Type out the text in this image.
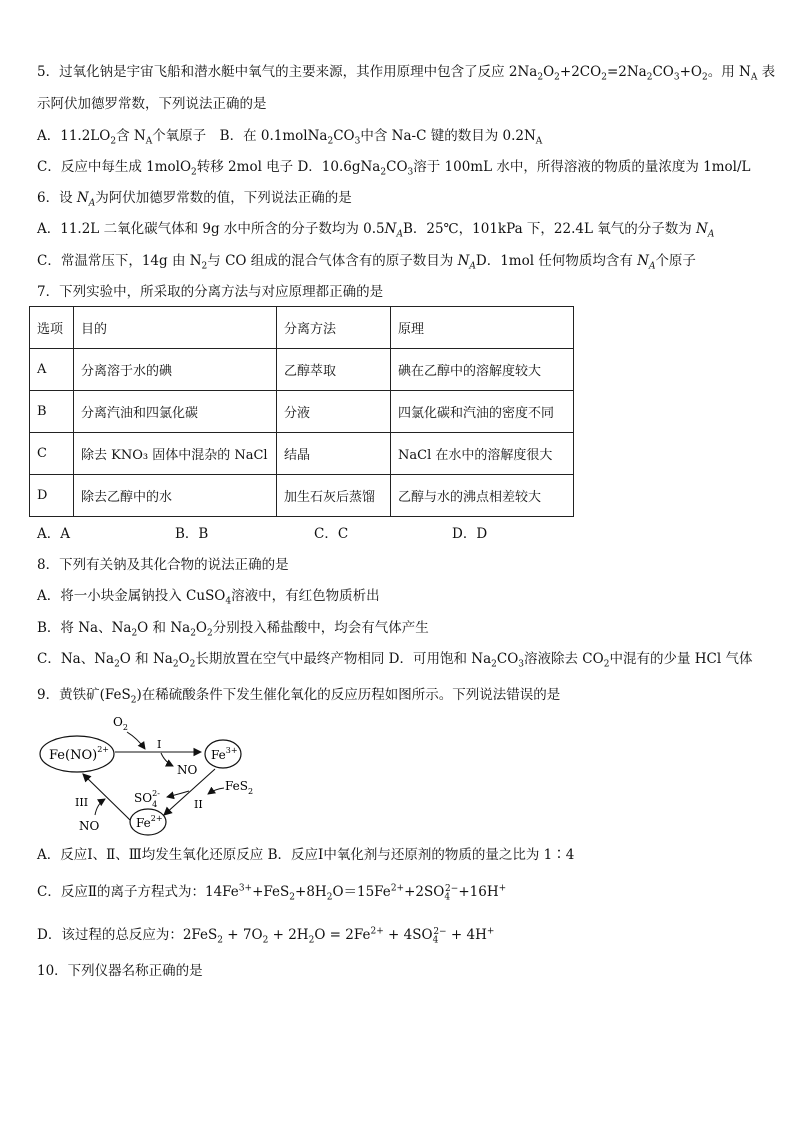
5．过氧化钠是宇宙飞船和潜水艇中氧气的主要来源，其作用原理中包含了反应 $2Na_2O_2+2CO_2=2Na_2CO_3+O_2$。用 $N_A$ 表
示阿伏加德罗常数，下列说法正确的是
A．$11.2LO_2$含 $N_A$个氧原子　B．在 $0.1molNa_2CO_3$中含 Na-C 键的数目为 $0.2N_A$
C．反应中每生成 1molO$_2$转移 2mol 电子 D．$10.6gNa_2CO_3$溶于 100mL 水中，所得溶液的物质的量浓度为 1mol/L
6．设 $N_A$为阿伏加德罗常数的值，下列说法正确的是
A．11.2L 二氧化碳气体和 9g 水中所含的分子数均为 $0.5N_AB$．25℃，101kPa 下，22.4L 氧气的分子数为 $N_A$
C．常温常压下，14g 由 $N_2$与 CO 组成的混合气体含有的原子数目为 $N_AD$．1mol 任何物质均含有 $N_A$个原子
7．下列实验中，所采取的分离方法与对应原理都正确的是
选项	目的	分离方法	原理
A	分离溶于水的碘	乙醇萃取	碘在乙醇中的溶解度较大
B	分离汽油和四氯化碳	分液	四氯化碳和汽油的密度不同
C	除去 KNO₃ 固体中混杂的 NaCl	结晶	NaCl 在水中的溶解度很大
D	除去乙醇中的水	加生石灰后蒸馏	乙醇与水的沸点相差较大
A．A	B．B	C．C	D．D
8．下列有关钠及其化合物的说法正确的是
A．将一小块金属钠投入 CuSO$_4$溶液中，有红色物质析出
B．将 Na、$Na_2O$ 和 $Na_2O_2$分别投入稀盐酸中，均会有气体产生
C．Na、$Na_2O$ 和 $Na_2O_2$长期放置在空气中最终产物相同 D．可用饱和 $Na_2CO_3$溶液除去 $CO_2$中混有的少量 HCl 气体
9．黄铁矿(FeS$_2$)在稀硫酸条件下发生催化氧化的反应历程如图所示。下列说法错误的是
Fe(NO)$^{2+}$	$Fe^{3+}$
$Fe^{2+}$
I
$O_2$
NO
II
FeS$_2$
$SO_42-$
III
NO
A．反应Ⅰ、Ⅱ、Ⅲ均发生氧化还原反应 B．反应Ⅰ中氧化剂与还原剂的物质的量之比为 1∶4
C．反应Ⅱ的离子方程式为：$14Fe^{3+}+FeS_2+8H_2O=15Fe^{2+}+2SO_4^{2-}+16H^+$
D．该过程的总反应为：$2FeS_2 + 7O_2 + 2H_2O = 2Fe^{2+} + 4SO_4^{2-} + 4H^+$
10．下列仪器名称正确的是
